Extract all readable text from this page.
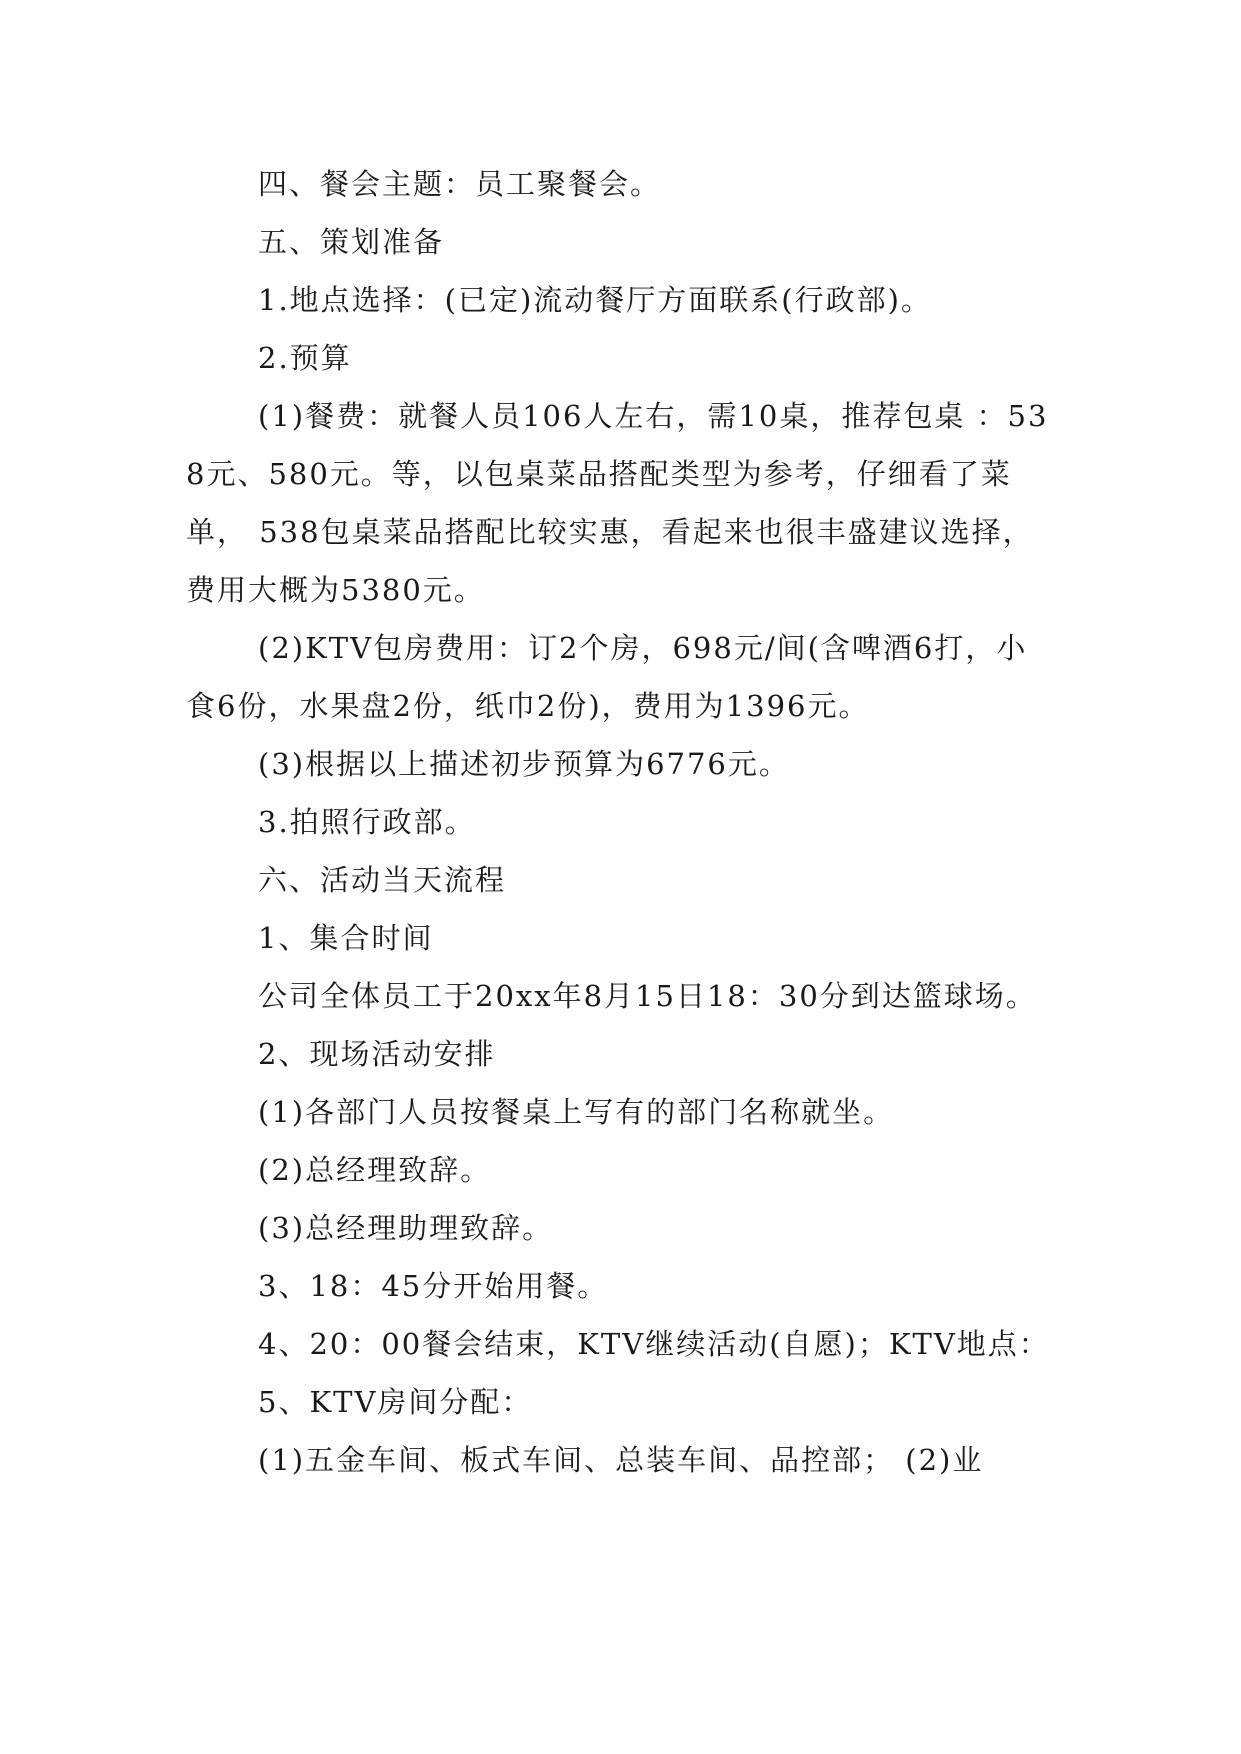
四、餐会主题：员工聚餐会。

五、策划准备

1.地点选择：(已定)流动餐厅方面联系(行政部)。

2.预算

(1)餐费：就餐人员106人左右，需10桌，推荐包桌 ：538元、580元。等，以包桌菜品搭配类型为参考，仔细看了菜单， 538包桌菜品搭配比较实惠，看起来也很丰盛建议选择，费用大概为5380元。

(2)KTV包房费用：订2个房，698元/间(含啤酒6打，小食6份，水果盘2份，纸巾2份)，费用为1396元。

(3)根据以上描述初步预算为6776元。

3.拍照行政部。

六、活动当天流程

1、集合时间

公司全体员工于20xx年8月15日18：30分到达篮球场。

2、现场活动安排

(1)各部门人员按餐桌上写有的部门名称就坐。

(2)总经理致辞。

(3)总经理助理致辞。

3、18：45分开始用餐。

4、20：00餐会结束，KTV继续活动(自愿)；KTV地点：

5、KTV房间分配：

(1)五金车间、板式车间、总装车间、品控部； (2)业
